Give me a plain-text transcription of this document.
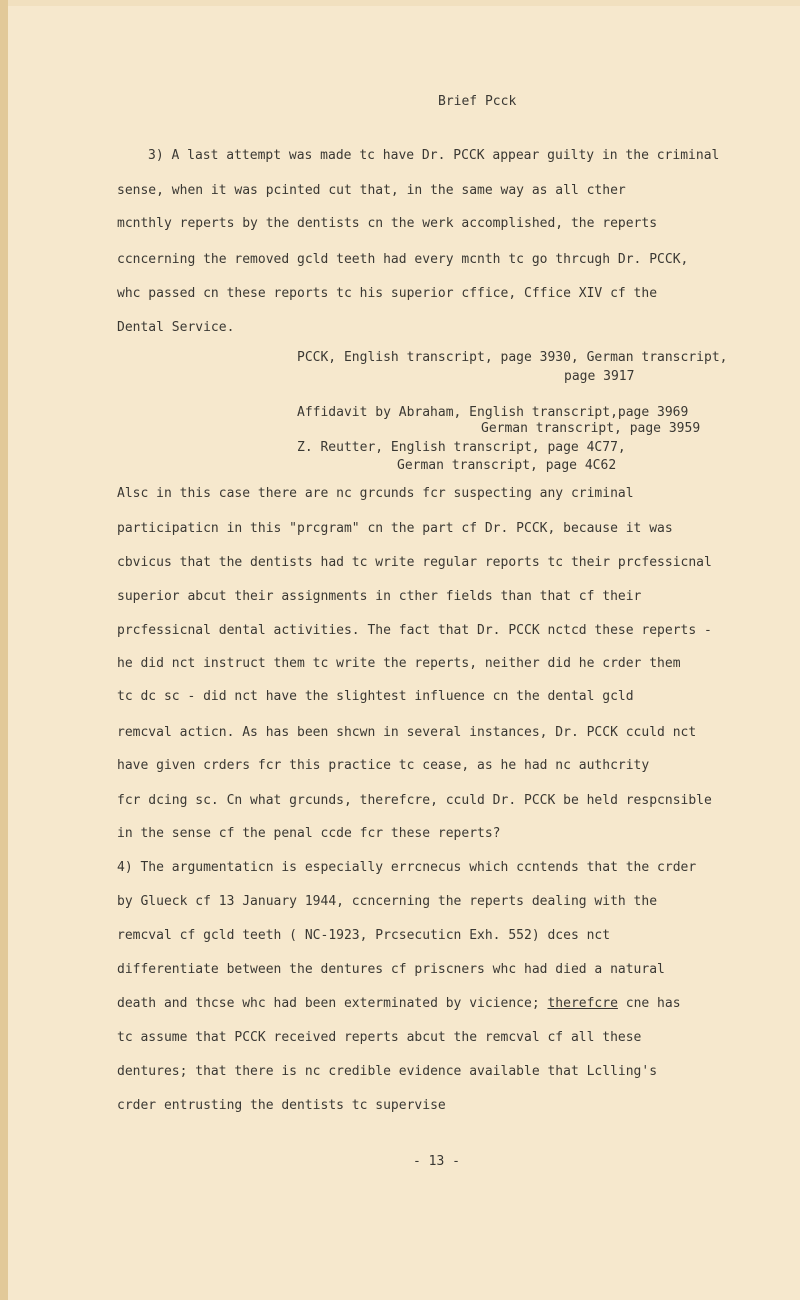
Brief Pcck
3) A last attempt was made tc have Dr. PCCK appear guilty in the criminal
sense, when it was pcinted cut that, in the same way as all cther
mcnthly reperts by the dentists cn the werk accomplished, the reperts
ccncerning the removed gcld teeth had every mcnth tc go thrcugh Dr. PCCK,
whc passed cn these reports tc his superior cffice, Cffice XIV cf the
Dental Service.
PCCK, English transcript, page 3930, German transcript,
page 3917
Affidavit by Abraham, English transcript,page 3969
German transcript, page 3959
Z. Reutter, English transcript, page 4C77,
German transcript, page 4C62
Alsc in this case there are nc grcunds fcr suspecting any criminal
participaticn in this "prcgram" cn the part cf Dr. PCCK, because it was
cbvicus that the dentists had tc write regular reports tc their prcfessicnal
superior abcut their assignments in cther fields than that cf their
prcfessicnal dental activities. The fact that Dr. PCCK nctcd these reperts -
he did nct instruct them tc write the reperts, neither did he crder them
tc dc sc - did nct have the slightest influence cn the dental gcld
remcval acticn. As has been shcwn in several instances, Dr. PCCK cculd nct
have given crders fcr this practice tc cease, as he had nc authcrity
fcr dcing sc. Cn what grcunds, therefcre, cculd Dr. PCCK be held respcnsible
in the sense cf the penal ccde fcr these reperts?
4) The argumentaticn is especially errcnecus which ccntends that the crder
by Glueck cf 13 January 1944, ccncerning the reperts dealing with the
remcval cf gcld teeth ( NC-1923, Prcsecuticn Exh. 552) dces nct
differentiate between the dentures cf priscners whc had died a natural
death and thcse whc had been exterminated by vicience; therefcre cne has
tc assume that PCCK received reperts abcut the remcval cf all these
dentures; that there is nc credible evidence available that Lclling's
crder entrusting the dentists tc supervise
- 13 -
